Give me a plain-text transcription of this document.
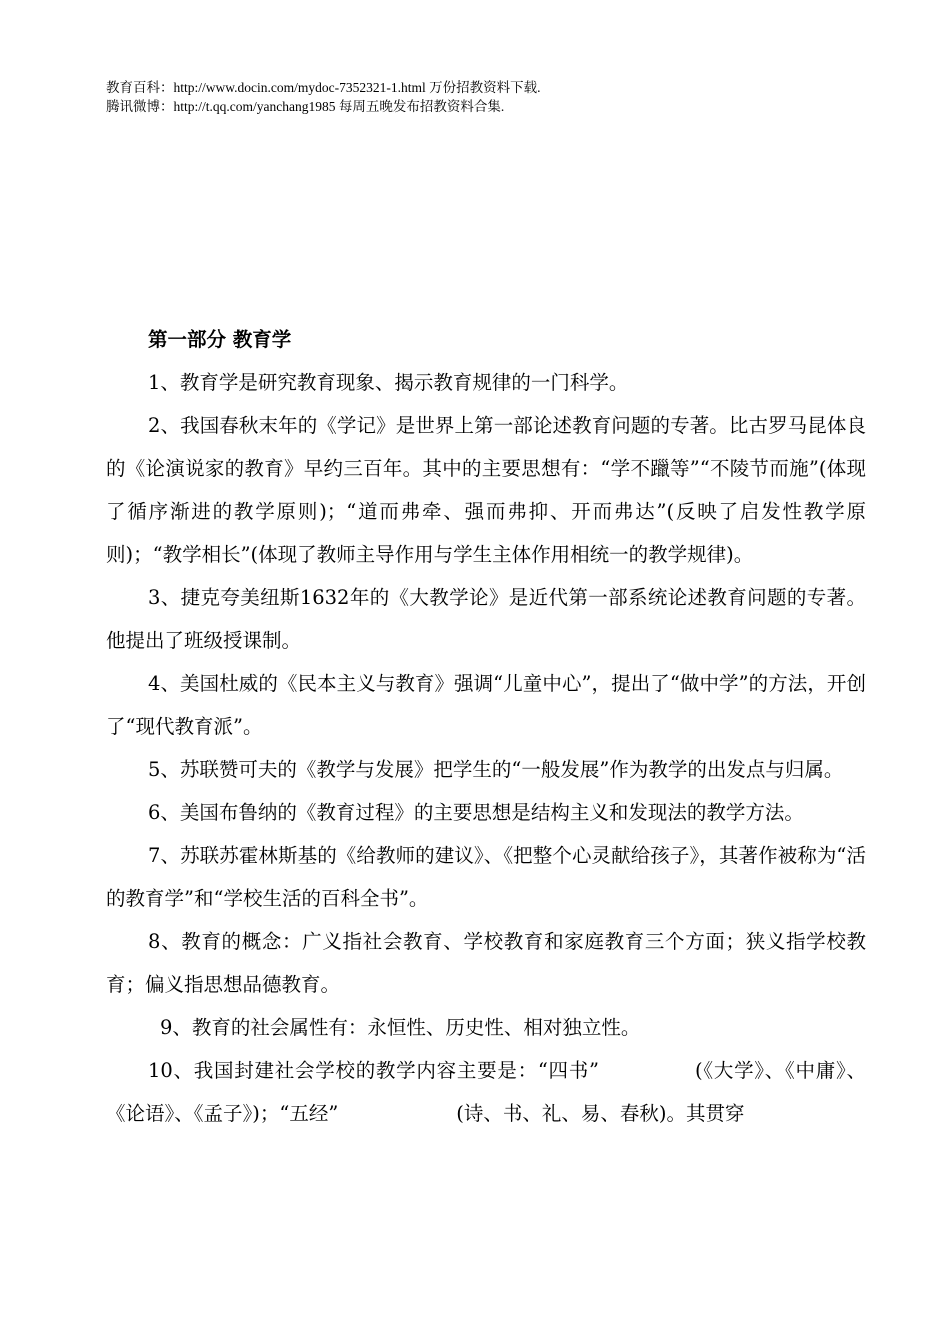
教育百科：http://www.docin.com/mydoc-7352321-1.html 万份招教资料下载.
腾讯微博：http://t.qq.com/yanchang1985 每周五晚发布招教资料合集.
第一部分 教育学

1、教育学是研究教育现象、揭示教育规律的一门科学。

2、我国春秋末年的《学记》是世界上第一部论述教育问题的专著。比古罗马昆体良的《论演说家的教育》早约三百年。其中的主要思想有：“学不躐等”“不陵节而施”(体现了循序渐进的教学原则)；“道而弗牵、强而弗抑、开而弗达”(反映了启发性教学原则)；“教学相长”(体现了教师主导作用与学生主体作用相统一的教学规律)。

3、捷克夸美纽斯1632年的《大教学论》是近代第一部系统论述教育问题的专著。他提出了班级授课制。

4、美国杜威的《民本主义与教育》强调“儿童中心”，提出了“做中学”的方法，开创了“现代教育派”。

5、苏联赞可夫的《教学与发展》把学生的“一般发展”作为教学的出发点与归属。

6、美国布鲁纳的《教育过程》的主要思想是结构主义和发现法的教学方法。

7、苏联苏霍林斯基的《给教师的建议》、《把整个心灵献给孩子》，其著作被称为“活的教育学”和“学校生活的百科全书”。

8、教育的概念：广义指社会教育、学校教育和家庭教育三个方面；狭义指学校教育；偏义指思想品德教育。

9、教育的社会属性有：永恒性、历史性、相对独立性。

10、我国封建社会学校的教学内容主要是：“四书”	(《大学》、《中庸》、《论语》、《孟子》)；“五经”	(诗、书、礼、易、春秋)。其贯穿
